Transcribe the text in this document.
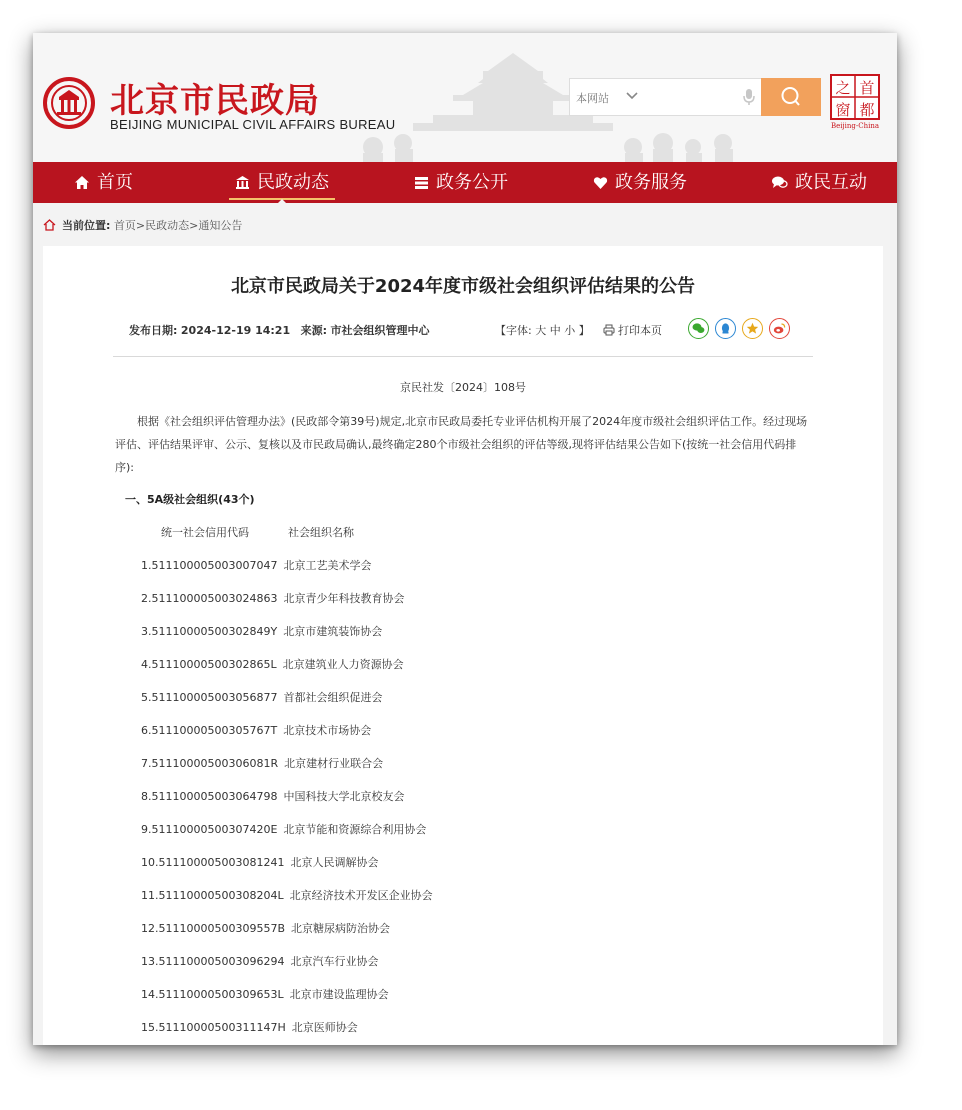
北京市民政局
BEIJING MUNICIPAL CIVIL AFFAIRS BUREAU
本网站
之 首
窗 都
Beijing-China
首页	民政动态	政务公开	政务服务	政民互动
当前位置: 首页>民政动态>通知公告
北京市民政局关于2024年度市级社会组织评估结果的公告
发布日期: 2024-12-19 14:21 来源: 市社会组织管理中心	【字体: 大 中 小 】	打印本页
京民社发〔2024〕108号

根据《社会组织评估管理办法》(民政部令第39号)规定,北京市民政局委托专业评估机构开展了2024年度市级社会组织评估工作。经过现场评估、评估结果评审、公示、复核以及市民政局确认,最终确定280个市级社会组织的评估等级,现将评估结果公告如下(按统一社会信用代码排序):

一、5A级社会组织(43个)
统一社会信用代码	社会组织名称
1.511100005003007047 北京工艺美术学会
2.511100005003024863 北京青少年科技教育协会
3.51110000500302849Y 北京市建筑装饰协会
4.51110000500302865L 北京建筑业人力资源协会
5.511100005003056877 首都社会组织促进会
6.51110000500305767T 北京技术市场协会
7.51110000500306081R 北京建材行业联合会
8.511100005003064798 中国科技大学北京校友会
9.51110000500307420E 北京节能和资源综合利用协会
10.511100005003081241 北京人民调解协会
11.51110000500308204L 北京经济技术开发区企业协会
12.51110000500309557B 北京糖尿病防治协会
13.511100005003096294 北京汽车行业协会
14.51110000500309653L 北京市建设监理协会
15.51110000500311147H 北京医师协会
